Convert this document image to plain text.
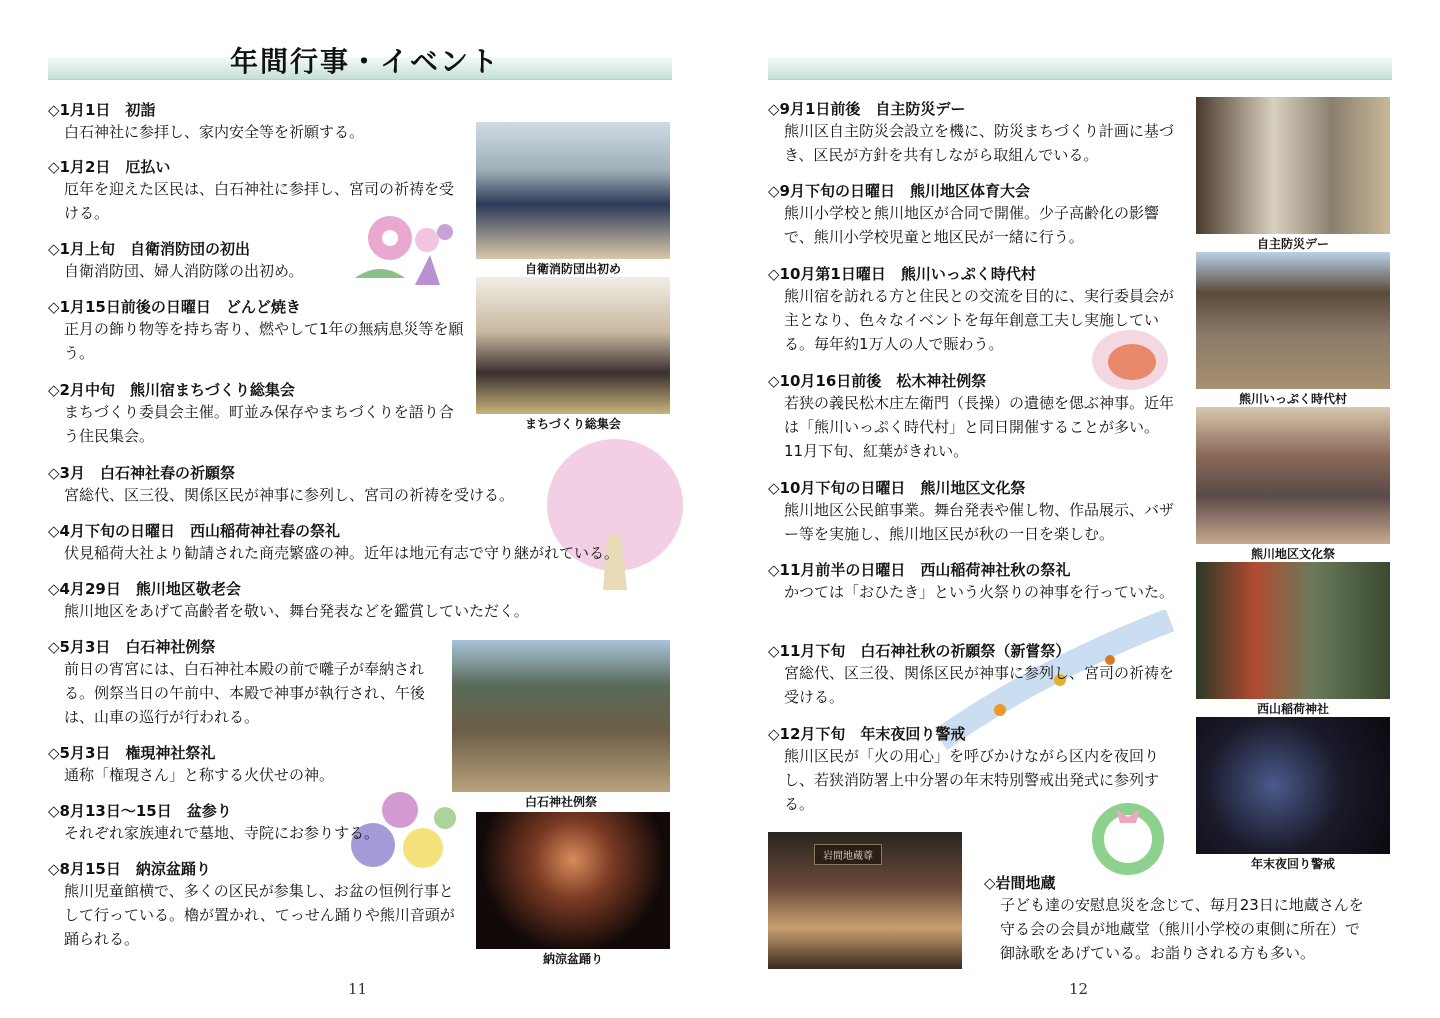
年間行事・イベント
◇1月1日　初詣
白石神社に参拝し、家内安全等を祈願する。
◇1月2日　厄払い
厄年を迎えた区民は、白石神社に参拝し、宮司の祈祷を受ける。
◇1月上旬　自衛消防団の初出
自衛消防団、婦人消防隊の出初め。
◇1月15日前後の日曜日　どんど焼き
正月の飾り物等を持ち寄り、燃やして1年の無病息災等を願う。
◇2月中旬　熊川宿まちづくり総集会
まちづくり委員会主催。町並み保存やまちづくりを語り合う住民集会。
◇3月　白石神社春の祈願祭
宮総代、区三役、関係区民が神事に参列し、宮司の祈祷を受ける。
◇4月下旬の日曜日　西山稲荷神社春の祭礼
伏見稲荷大社より勧請された商売繁盛の神。近年は地元有志で守り継がれている。
◇4月29日　熊川地区敬老会
熊川地区をあげて高齢者を敬い、舞台発表などを鑑賞していただく。
◇5月3日　白石神社例祭
前日の宵宮には、白石神社本殿の前で囃子が奉納される。例祭当日の午前中、本殿で神事が執行され、午後は、山車の巡行が行われる。
◇5月3日　権現神社祭礼
通称「権現さん」と称する火伏せの神。
◇8月13日～15日　盆参り
それぞれ家族連れで墓地、寺院にお参りする。
◇8月15日　納涼盆踊り
熊川児童館横で、多くの区民が参集し、お盆の恒例行事として行っている。櫓が置かれ、てっせん踊りや熊川音頭が踊られる。
自衛消防団出初め
まちづくり総集会
白石神社例祭
納涼盆踊り
11
◇9月1日前後　自主防災デー
熊川区自主防災会設立を機に、防災まちづくり計画に基づき、区民が方針を共有しながら取組んでいる。
◇9月下旬の日曜日　熊川地区体育大会
熊川小学校と熊川地区が合同で開催。少子高齢化の影響で、熊川小学校児童と地区民が一緒に行う。
◇10月第1日曜日　熊川いっぷく時代村
熊川宿を訪れる方と住民との交流を目的に、実行委員会が主となり、色々なイベントを毎年創意工夫し実施している。毎年約1万人の人で賑わう。
◇10月16日前後　松木神社例祭
若狭の義民松木庄左衛門（長操）の遺徳を偲ぶ神事。近年は「熊川いっぷく時代村」と同日開催することが多い。11月下旬、紅葉がきれい。
◇10月下旬の日曜日　熊川地区文化祭
熊川地区公民館事業。舞台発表や催し物、作品展示、バザー等を実施し、熊川地区民が秋の一日を楽しむ。
◇11月前半の日曜日　西山稲荷神社秋の祭礼
かつては「おひたき」という火祭りの神事を行っていた。
◇11月下旬　白石神社秋の祈願祭（新嘗祭）
宮総代、区三役、関係区民が神事に参列し、宮司の祈祷を受ける。
◇12月下旬　年末夜回り警戒
熊川区民が「火の用心」を呼びかけながら区内を夜回りし、若狭消防署上中分署の年末特別警戒出発式に参列する。
◇岩間地蔵
子ども達の安慰息災を念じて、毎月23日に地蔵さんを守る会の会員が地蔵堂（熊川小学校の東側に所在）で御詠歌をあげている。お詣りされる方も多い。
自主防災デー
熊川いっぷく時代村
熊川地区文化祭
西山稲荷神社
年末夜回り警戒
岩間地蔵尊
12
